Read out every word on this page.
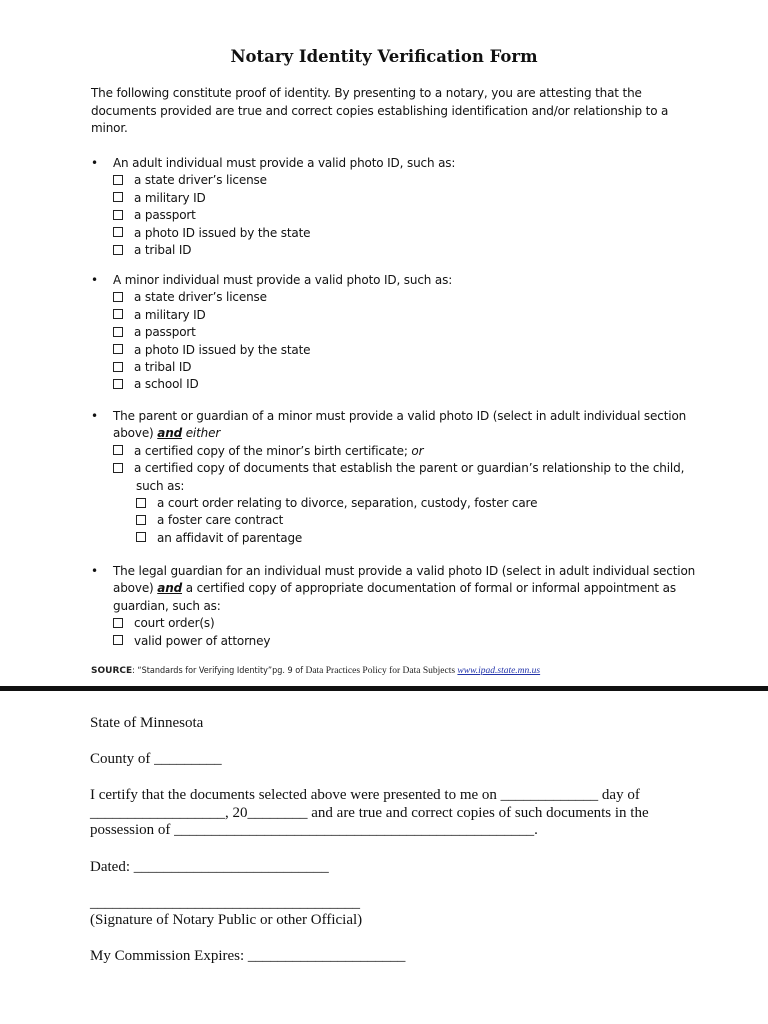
Notary Identity Verification Form
The following constitute proof of identity. By presenting to a notary, you are attesting that the
documents provided are true and correct copies establishing identification and/or relationship to a
minor.
• An adult individual must provide a valid photo ID, such as:
a state driver’s license
a military ID
a passport
a photo ID issued by the state
a tribal ID
• A minor individual must provide a valid photo ID, such as:
a state driver’s license
a military ID
a passport
a photo ID issued by the state
a tribal ID
a school ID
• The parent or guardian of a minor must provide a valid photo ID (select in adult individual section
above) and either
a certified copy of the minor’s birth certificate; or
a certified copy of documents that establish the parent or guardian’s relationship to the child,
such as:
a court order relating to divorce, separation, custody, foster care
a foster care contract
an affidavit of parentage
• The legal guardian for an individual must provide a valid photo ID (select in adult individual section
above) and a certified copy of appropriate documentation of formal or informal appointment as
guardian, such as:
court order(s)
valid power of attorney
SOURCE: “Standards for Verifying Identity”pg. 9 of Data Practices Policy for Data Subjects www.ipad.state.mn.us
State of Minnesota
County of _________
I certify that the documents selected above were presented to me on _____________ day of
__________________, 20________ and are true and correct copies of such documents in the
possession of ________________________________________________.
Dated: __________________________
____________________________________
(Signature of Notary Public or other Official)
My Commission Expires: _____________________
